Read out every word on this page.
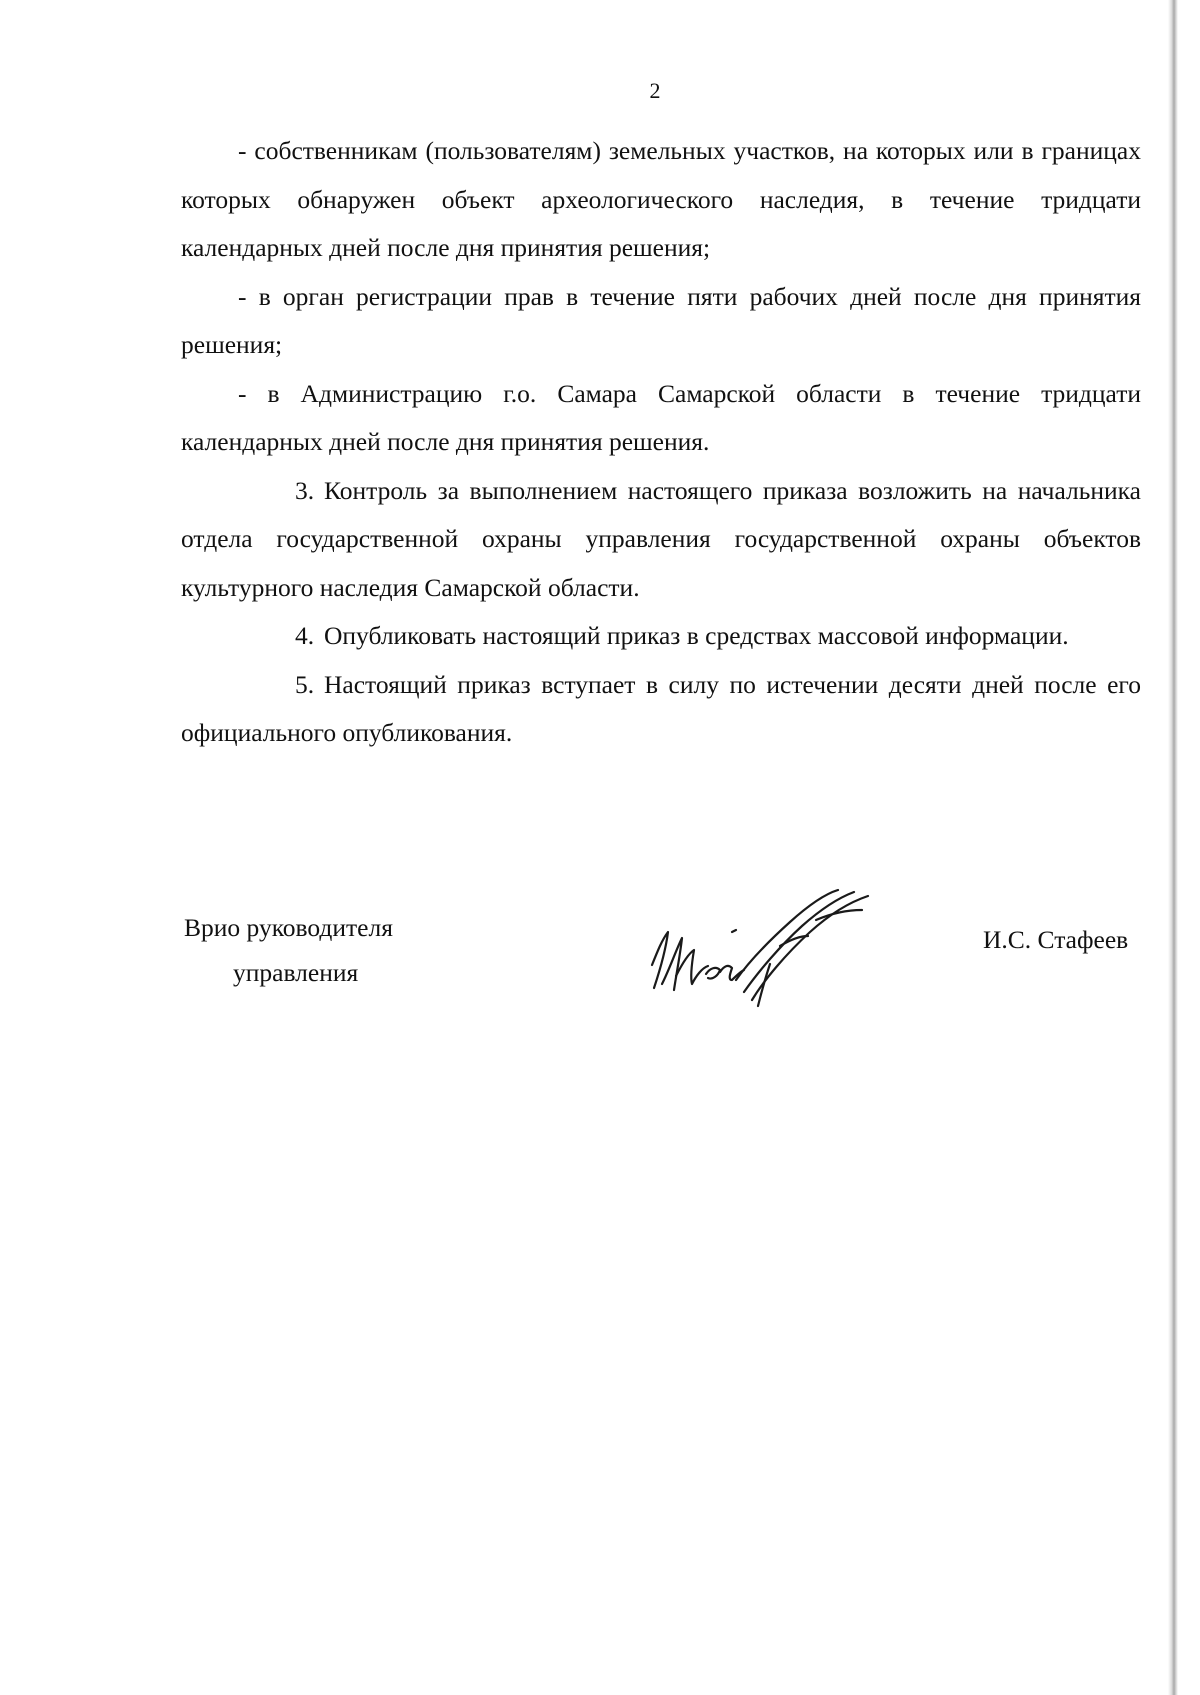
2

- собственникам (пользователям) земельных участков, на которых или в границах которых обнаружен объект археологического наследия, в течение тридцати календарных дней после дня принятия решения;

- в орган регистрации прав в течение пяти рабочих дней после дня принятия решения;

- в Администрацию г.о. Самара Самарской области в течение тридцати календарных дней после дня принятия решения.

3. Контроль за выполнением настоящего приказа возложить на начальника отдела государственной охраны управления государственной охраны объектов культурного наследия Самарской области.

4. Опубликовать настоящий приказ в средствах массовой информации.

5. Настоящий приказ вступает в силу по истечении десяти дней после его официального опубликования.

Врио руководителя
управления
И.С. Стафеев
